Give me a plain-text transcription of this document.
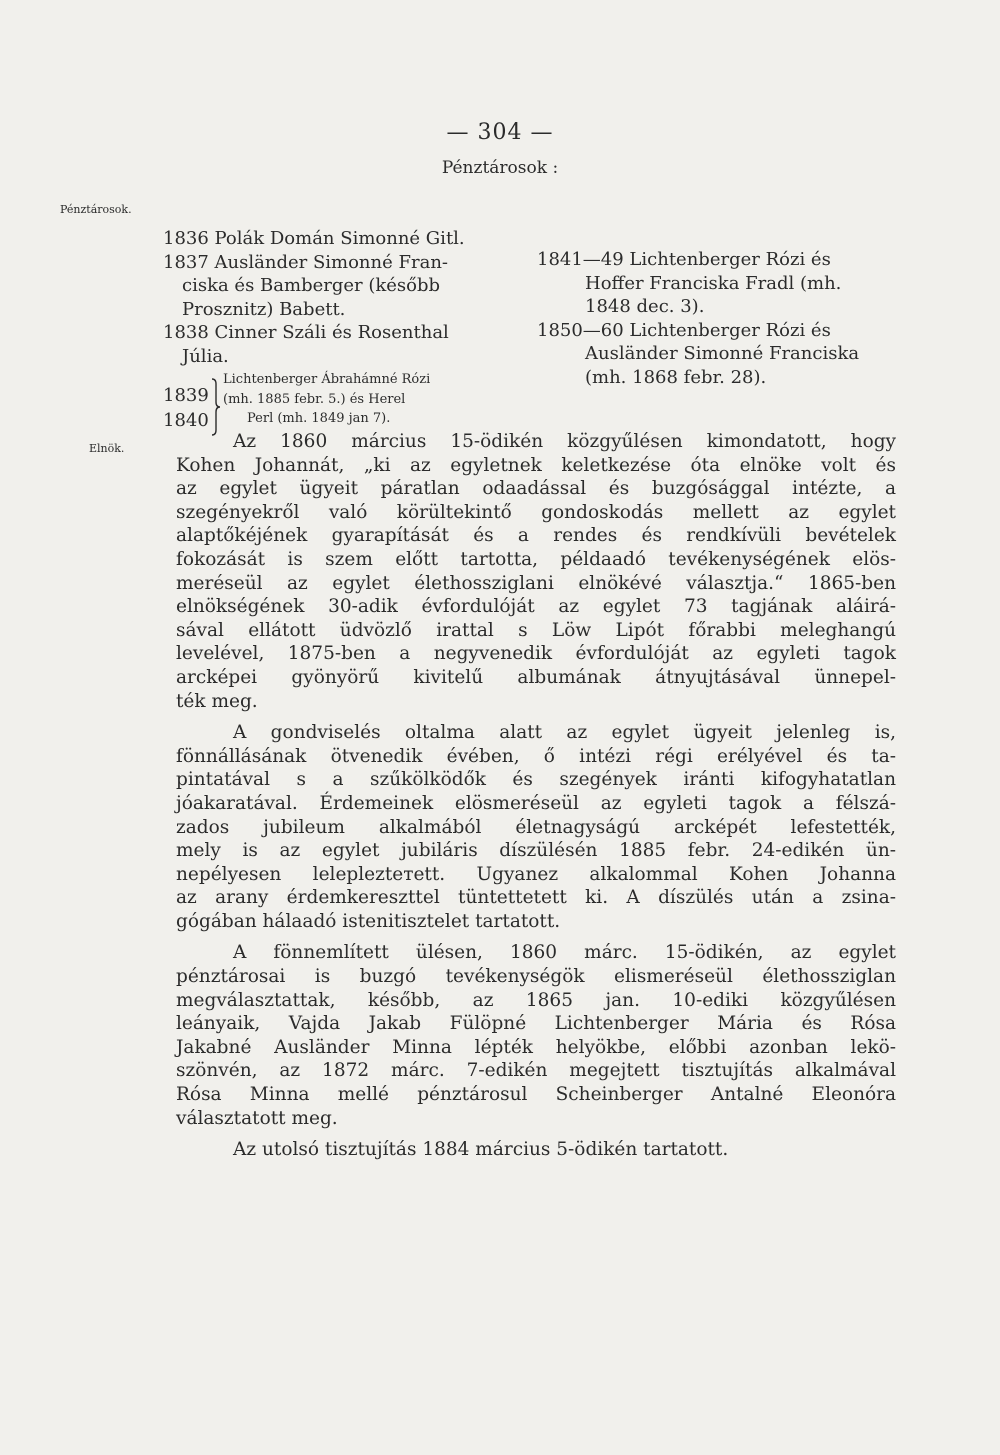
— 304 —
Pénztárosok.
Elnök.
Pénztárosok :
1836 Polák Domán Simonné Gitl.
1837 Ausländer Simonné Fran-
ciska és Bamberger (később
Prosznitz) Babett.
1838 Cinner Száli és Rosenthal
Júlia.
1839
1840
Lichtenberger Ábrahámné Rózi
(mh. 1885 febr. 5.) és Herel
Perl (mh. 1849 jan 7).
1841—49 Lichtenberger Rózi és
Hoffer Franciska Fradl (mh.
1848 dec. 3).
1850—60 Lichtenberger Rózi és
Ausländer Simonné Franciska
(mh. 1868 febr. 28).
Az 1860 március 15-ödikén közgyűlésen kimondatott, hogy
Kohen Johannát, „ki az egyletnek keletkezése óta elnöke volt és
az egylet ügyeit páratlan odaadással és buzgósággal intézte, a
szegényekről való körültekintő gondoskodás mellett az egylet
alaptőkéjének gyarapítását és a rendes és rendkívüli bevételek
fokozását is szem előtt tartotta, példaadó tevékenységének elös-
meréseül az egylet élethossziglani elnökévé választja.“ 1865-ben
elnökségének 30-adik évfordulóját az egylet 73 tagjának aláirá-
sával ellátott üdvözlő irattal s Löw Lipót főrabbi meleghangú
levelével, 1875-ben a negyvenedik évfordulóját az egyleti tagok
arcképei gyönyörű kivitelű albumának átnyujtásával ünnepel-
ték meg.
A gondviselés oltalma alatt az egylet ügyeit jelenleg is,
fönnállásának ötvenedik évében, ő intézi régi erélyével és ta-
pintatával s a szűkölködők és szegények iránti kifogyhatatlan
jóakaratával. Érdemeinek elösmeréseül az egyleti tagok a félszá-
zados jubileum alkalmából életnagyságú arcképét lefestették,
mely is az egylet jubiláris díszülésén 1885 febr. 24-edikén ün-
nepélyesen leleplezteтett. Ugyanez alkalommal Kohen Johanna
az arany érdemkereszttel tüntettetett ki. A díszülés után a zsina-
gógában hálaadó istenitisztelet tartatott.
A fönnemlített ülésen, 1860 márc. 15-ödikén, az egylet
pénztárosai is buzgó tevékenységök elismeréseül élethossziglan
megválasztattak, később, az 1865 jan. 10-ediki közgyűlésen
leányaik, Vajda Jakab Fülöpné Lichtenberger Mária és Rósa
Jakabné Ausländer Minna lépték helyökbe, előbbi azonban lekö-
szönvén, az 1872 márc. 7-edikén megejtett tisztujítás alkalmával
Rósa Minna mellé pénztárosul Scheinberger Antalné Eleonóra
választatott meg.
Az utolsó tisztujítás 1884 március 5-ödikén tartatott.
